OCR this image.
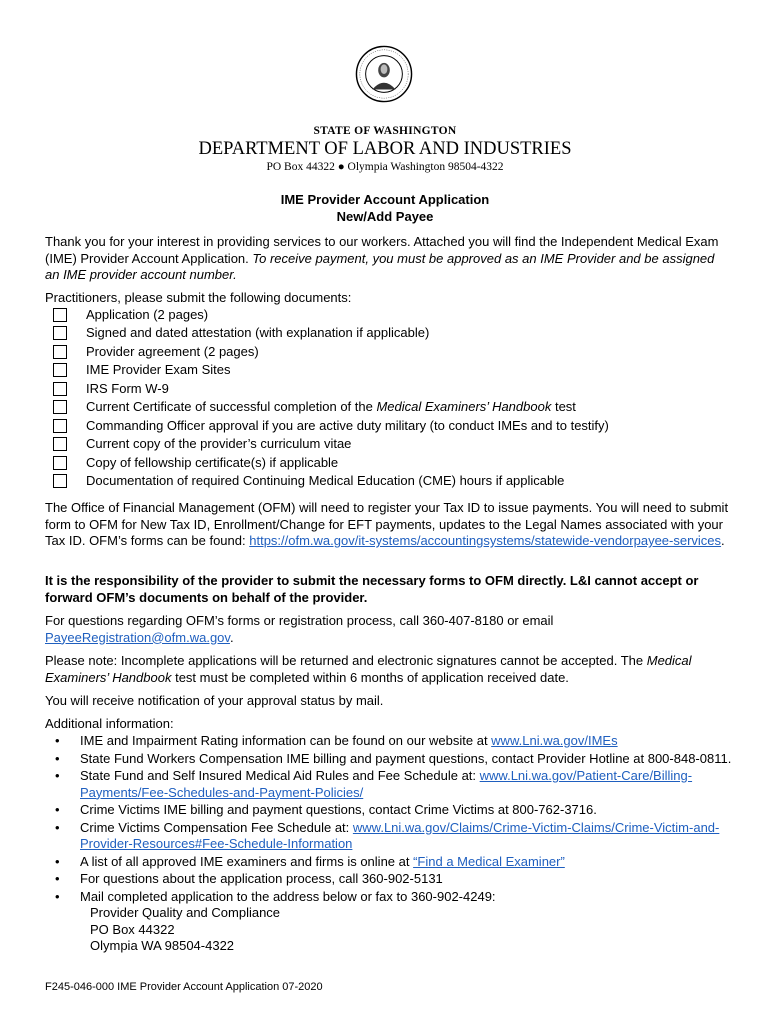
STATE OF WASHINGTON
DEPARTMENT OF LABOR AND INDUSTRIES
PO Box 44322 ● Olympia Washington 98504-4322
IME Provider Account Application
New/Add Payee

Thank you for your interest in providing services to our workers. Attached you will find the Independent Medical Exam (IME) Provider Account Application. To receive payment, you must be approved as an IME Provider and be assigned an IME provider account number.

Practitioners, please submit the following documents:
Application (2 pages)
Signed and dated attestation (with explanation if applicable)
Provider agreement (2 pages)
IME Provider Exam Sites
IRS Form W-9
Current Certificate of successful completion of the Medical Examiners’ Handbook test
Commanding Officer approval if you are active duty military (to conduct IMEs and to testify)
Current copy of the provider’s curriculum vitae
Copy of fellowship certificate(s) if applicable
Documentation of required Continuing Medical Education (CME) hours if applicable

The Office of Financial Management (OFM) will need to register your Tax ID to issue payments. You will need to submit form to OFM for New Tax ID, Enrollment/Change for EFT payments, updates to the Legal Names associated with your Tax ID. OFM’s forms can be found: https://ofm.wa.gov/it-systems/accountingsystems/statewide-vendorpayee-services.

It is the responsibility of the provider to submit the necessary forms to OFM directly. L&I cannot accept or forward OFM’s documents on behalf of the provider.

For questions regarding OFM’s forms or registration process, call 360-407-8180 or email PayeeRegistration@ofm.wa.gov.

Please note: Incomplete applications will be returned and electronic signatures cannot be accepted. The Medical Examiners’ Handbook test must be completed within 6 months of application received date.

You will receive notification of your approval status by mail.
Additional information:
• IME and Impairment Rating information can be found on our website at www.Lni.wa.gov/IMEs
• State Fund Workers Compensation IME billing and payment questions, contact Provider Hotline at 800-848-0811.
• State Fund and Self Insured Medical Aid Rules and Fee Schedule at: www.Lni.wa.gov/Patient-Care/Billing-Payments/Fee-Schedules-and-Payment-Policies/
• Crime Victims IME billing and payment questions, contact Crime Victims at 800-762-3716.
• Crime Victims Compensation Fee Schedule at: www.Lni.wa.gov/Claims/Crime-Victim-Claims/Crime-Victim-and-Provider-Resources#Fee-Schedule-Information
• A list of all approved IME examiners and firms is online at “Find a Medical Examiner”
• For questions about the application process, call 360-902-5131
• Mail completed application to the address below or fax to 360-902-4249:
Provider Quality and Compliance
PO Box 44322
Olympia WA 98504-4322
F245-046-000 IME Provider Account Application 07-2020
